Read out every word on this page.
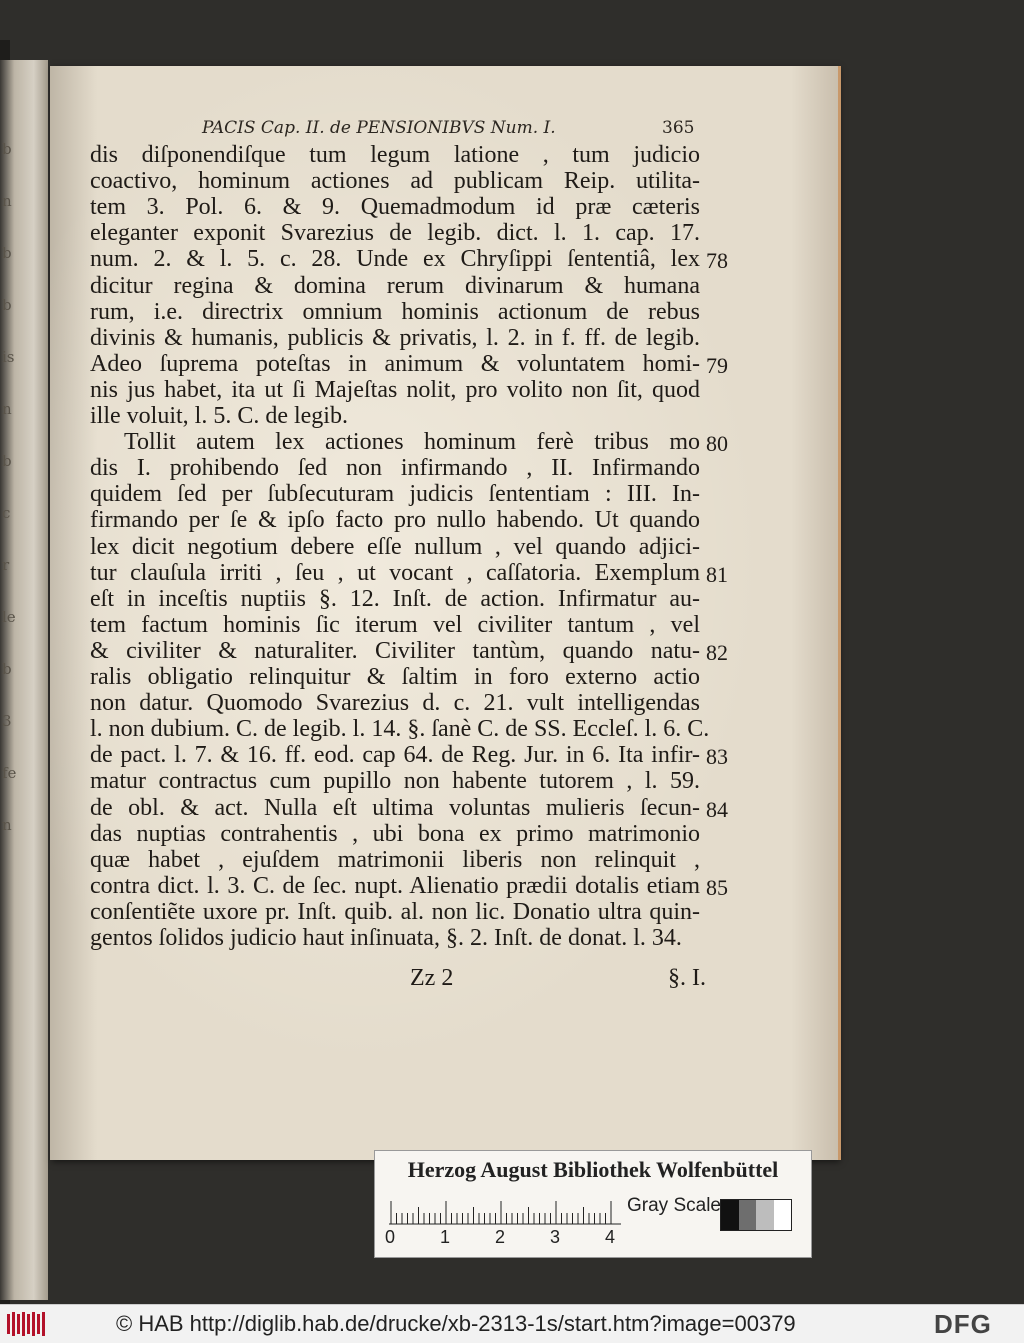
b
n
b
b
is
n
b
c
r
le
b
3
fe
n
PACIS Cap. II. de PENSIONIBVS Num. I.	365
dis diſponendiſque tum legum latione , tum judicio
coactivo, hominum actiones ad publicam Reip. utilita-
tem 3. Pol. 6. & 9. Quemadmodum id præ cæteris
eleganter exponit Svarezius de legib. dict. l. 1. cap. 17.
num. 2. & l. 5. c. 28. Unde ex Chryſippi ſententiâ, lex 78
dicitur regina & domina rerum divinarum & humana
rum, i.e. directrix omnium hominis actionum de rebus
divinis & humanis, publicis & privatis, l. 2. in f. ff. de legib.
Adeo ſuprema poteſtas in animum & voluntatem homi- 79
nis jus habet, ita ut ſi Majeſtas nolit, pro volito non ſit, quod
ille voluit, l. 5. C. de legib.
Tollit autem lex actiones hominum ferè tribus mo 80
dis I. prohibendo ſed non infirmando , II. Infirmando
quidem ſed per ſubſecuturam judicis ſententiam : III. In-
firmando per ſe & ipſo facto pro nullo habendo. Ut quando
lex dicit negotium debere eſſe nullum , vel quando adjici-
tur clauſula irriti , ſeu , ut vocant , caſſatoria. Exemplum 81
eſt in inceſtis nuptiis §. 12. Inſt. de action. Infirmatur au-
tem factum hominis ſic iterum vel civiliter tantum , vel
& civiliter & naturaliter. Civiliter tantùm, quando natu- 82
ralis obligatio relinquitur & ſaltim in foro externo actio
non datur. Quomodo Svarezius d. c. 21. vult intelligendas
l. non dubium. C. de legib. l. 14. §. ſanè C. de SS. Eccleſ. l. 6. C.
de pact. l. 7. & 16. ff. eod. cap 64. de Reg. Jur. in 6. Ita infir- 83
matur contractus cum pupillo non habente tutorem , l. 59.
de obl. & act. Nulla eſt ultima voluntas mulieris ſecun- 84
das nuptias contrahentis , ubi bona ex primo matrimonio
quæ habet , ejuſdem matrimonii liberis non relinquit ,
contra dict. l. 3. C. de ſec. nupt. Alienatio prædii dotalis etiam 85
conſentiẽte uxore pr. Inſt. quib. al. non lic. Donatio ultra quin-
gentos ſolidos judicio haut inſinuata, §. 2. Inſt. de donat. l. 34.
Zz 2	§. I.
Herzog August Bibliothek Wolfenbüttel
0 1 2 3 4
Gray Scale
© HAB http://diglib.hab.de/drucke/xb-2313-1s/start.htm?image=00379	DFG
